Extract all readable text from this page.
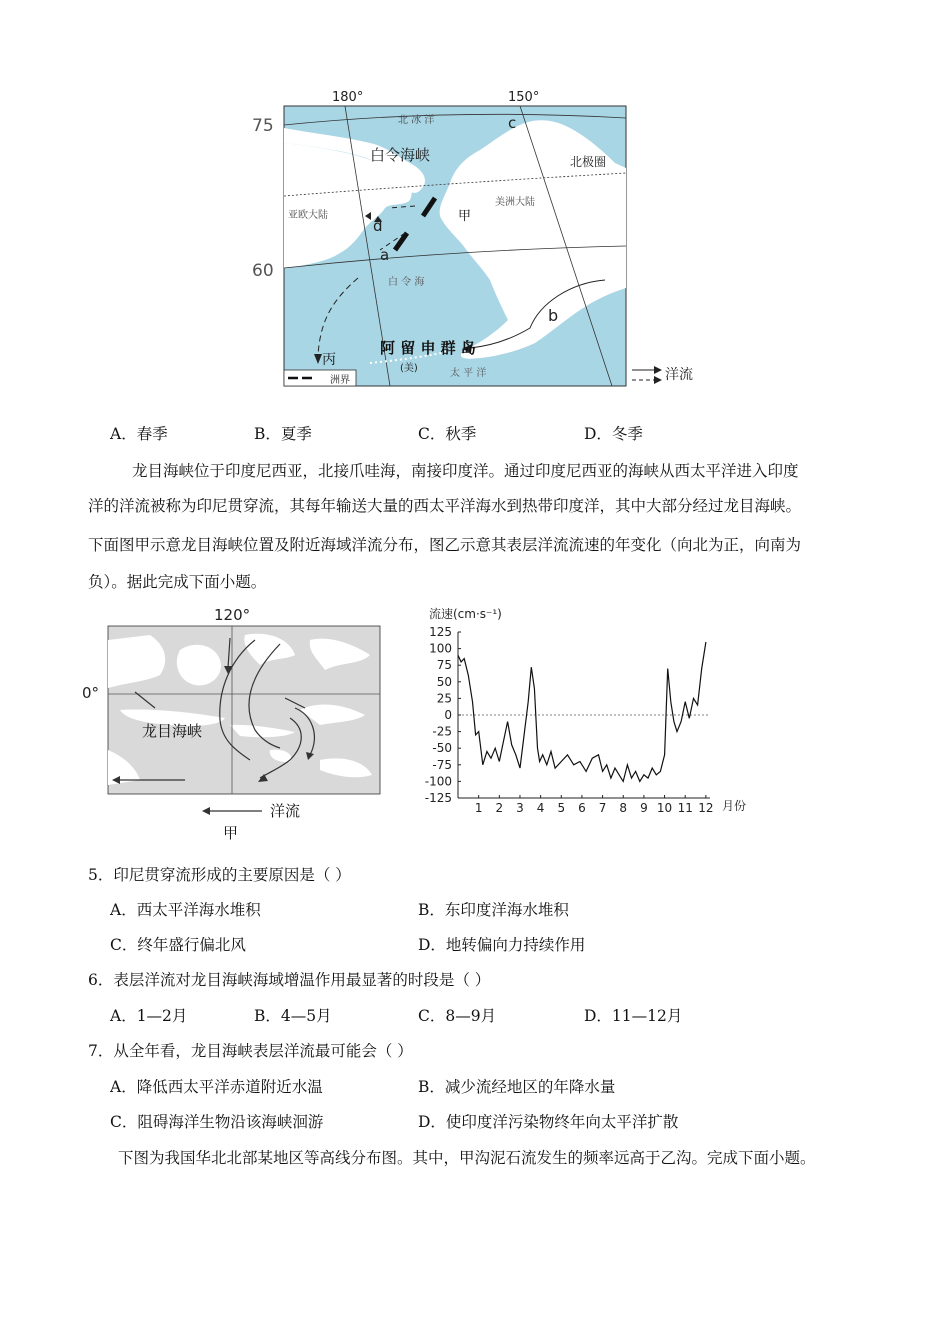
180°	150°
75
60
北 冰 洋
白令海峡	北极圈
亚欧大陆
美洲大陆
甲
丙
白 令 海
阿 留 申 群 岛
(美)	太 平 洋
a
b
c
d
洲界	洋流
A．春季	B．夏季	C．秋季	D．冬季
龙目海峡位于印度尼西亚，北接爪哇海，南接印度洋。通过印度尼西亚的海峡从西太平洋进入印度
洋的洋流被称为印尼贯穿流，其每年输送大量的西太平洋海水到热带印度洋，其中大部分经过龙目海峡。
下面图甲示意龙目海峡位置及附近海域洋流分布，图乙示意其表层洋流流速的年变化（向北为正，向南为
负）。据此完成下面小题。
120°
0°
龙目海峡
洋流
甲
流速(cm·s⁻¹)
月份
125
100
75
50
25
0
-25
-50
-75
-100
-125
1 2 3 4 5 6 7 8 9 10 11 12
5．印尼贯穿流形成的主要原因是（ ）
A．西太平洋海水堆积	B．东印度洋海水堆积
C．终年盛行偏北风	D．地转偏向力持续作用
6．表层洋流对龙目海峡海域增温作用最显著的时段是（ ）
A．1—2月	B．4—5月	C．8—9月	D．11—12月
7．从全年看，龙目海峡表层洋流最可能会（ ）
A．降低西太平洋赤道附近水温	B．减少流经地区的年降水量
C．阻碍海洋生物沿该海峡洄游	D．使印度洋污染物终年向太平洋扩散
下图为我国华北北部某地区等高线分布图。其中，甲沟泥石流发生的频率远高于乙沟。完成下面小题。
